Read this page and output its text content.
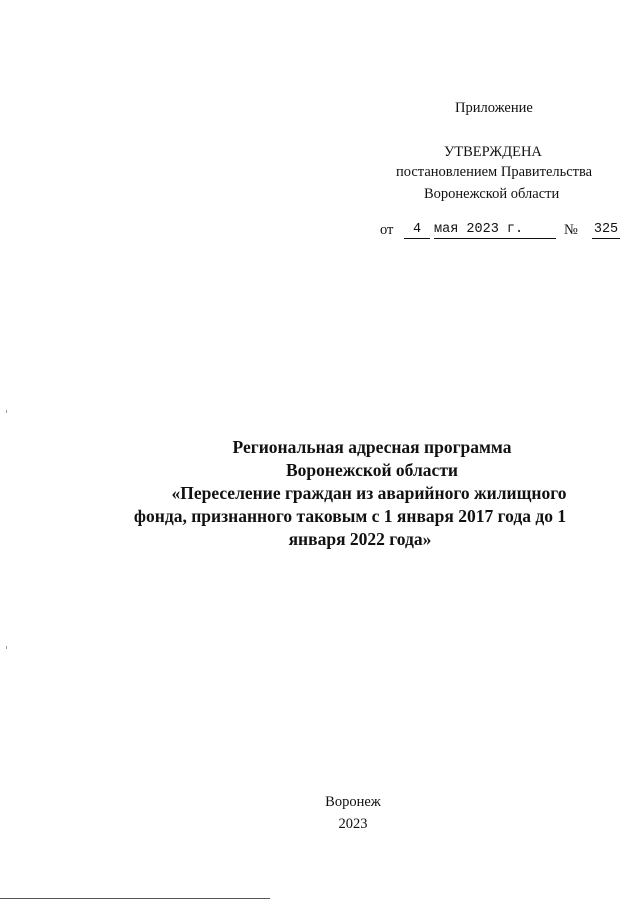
Приложение
УТВЕРЖДЕНА
постановлением Правительства
Воронежской области
от	4 мая 2023 г.	№ 325
Региональная адресная программа
Воронежской области
«Переселение граждан из аварийного жилищного
фонда, признанного таковым с 1 января 2017 года до 1
января 2022 года»
Воронеж
2023
